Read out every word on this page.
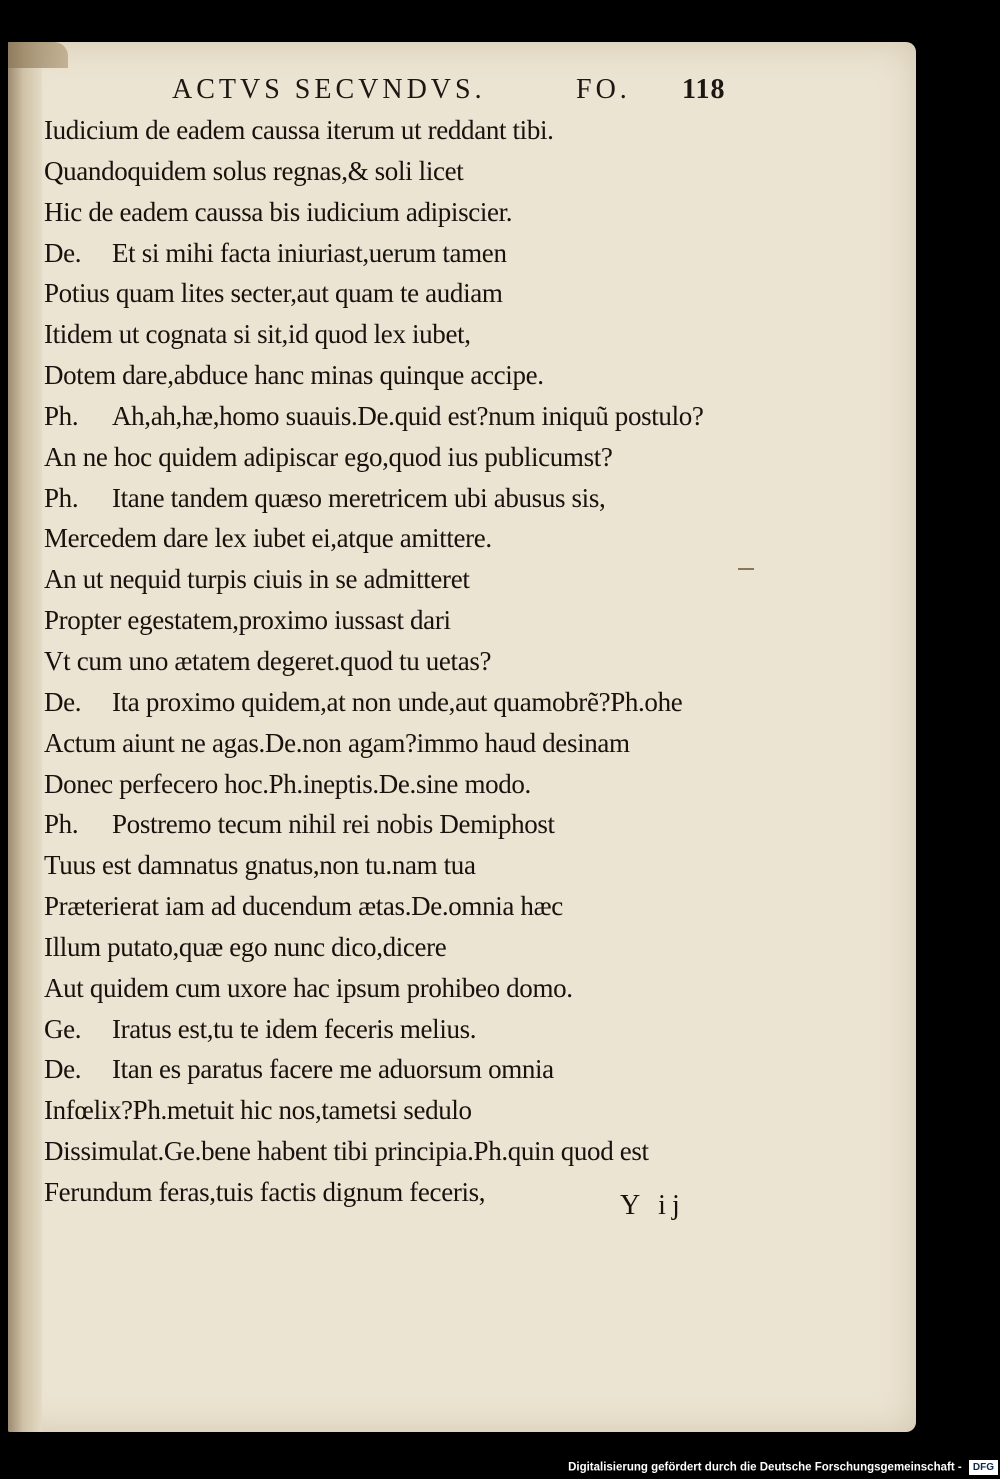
ACTVS SECVNDVS.	FO. 118
Iudicium de eadem caussa iterum ut reddant tibi.
Quandoquidem solus regnas,& soli licet
Hic de eadem caussa bis iudicium adipiscier.
De. Et si mihi facta iniuriast,uerum tamen
Potius quam lites secter,aut quam te audiam
Itidem ut cognata si sit,id quod lex iubet,
Dotem dare,abduce hanc minas quinque accipe.
Ph. Ah,ah,hæ,homo suauis.De.quid est?num iniquũ postulo?
An ne hoc quidem adipiscar ego,quod ius publicumst?
Ph. Itane tandem quæso meretricem ubi abusus sis,
Mercedem dare lex iubet ei,atque amittere.
An ut nequid turpis ciuis in se admitteret
Propter egestatem,proximo iussast dari
Vt cum uno ætatem degeret.quod tu uetas?
De. Ita proximo quidem,at non unde,aut quamobrẽ?Ph.ohe
Actum aiunt ne agas.De.non agam?immo haud desinam
Donec perfecero hoc.Ph.ineptis.De.sine modo.
Ph. Postremo tecum nihil rei nobis Demiphost
Tuus est damnatus gnatus,non tu.nam tua
Præterierat iam ad ducendum ætas.De.omnia hæc
Illum putato,quæ ego nunc dico,dicere
Aut quidem cum uxore hac ipsum prohibeo domo.
Ge. Iratus est,tu te idem feceris melius.
De. Itan es paratus facere me aduorsum omnia
Infœlix?Ph.metuit hic nos,tametsi sedulo
Dissimulat.Ge.bene habent tibi principia.Ph.quin quod est
Ferundum feras,tuis factis dignum feceris,	Y ij
Digitalisierung gefördert durch die Deutsche Forschungsgemeinschaft - DFG
